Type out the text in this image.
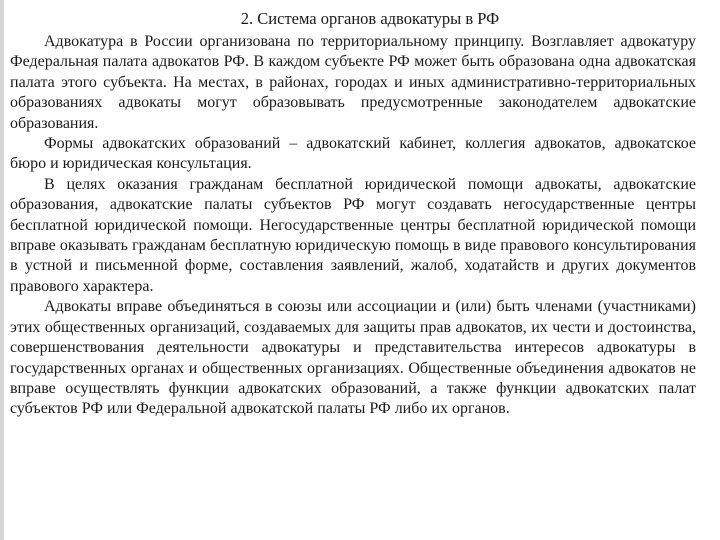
2. Система органов адвокатуры в РФ

Адвокатура в России организована по территориальному принципу. Возглавляет адвокатуру Федеральная палата адвокатов РФ. В каждом субъекте РФ может быть образована одна адвокатская палата этого субъекта. На местах, в районах, городах и иных административно-территориальных образованиях адвокаты могут образовывать предусмотренные законодателем адвокатские образования.

Формы адвокатских образований – адвокатский кабинет, коллегия адвокатов, адвокатское бюро и юридическая консультация.

В целях оказания гражданам бесплатной юридической помощи адвокаты, адвокатские образования, адвокатские палаты субъектов РФ могут создавать негосударственные центры бесплатной юридической помощи. Негосударственные центры бесплатной юридической помощи вправе оказывать гражданам бесплатную юридическую помощь в виде правового консультирования в устной и письменной форме, составления заявлений, жалоб, ходатайств и других документов правового характера.

Адвокаты вправе объединяться в союзы или ассоциации и (или) быть членами (участниками) этих общественных организаций, создаваемых для защиты прав адвокатов, их чести и достоинства, совершенствования деятельности адвокатуры и представительства интересов адвокатуры в государственных органах и общественных организациях. Общественные объединения адвокатов не вправе осуществлять функции адвокатских образований, а также функции адвокатских палат субъектов РФ или Федеральной адвокатской палаты РФ либо их органов.
